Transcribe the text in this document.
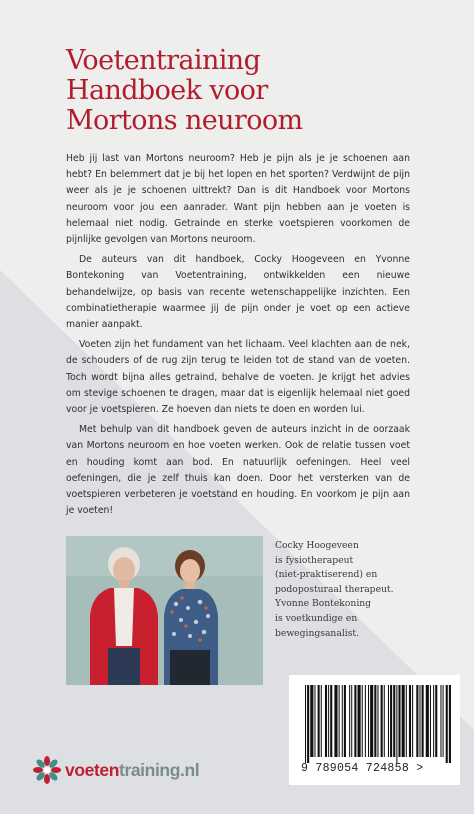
Voetentraining
Handboek voor
Mortons neuroom

Heb jij last van Mortons neuroom? Heb je pijn als je je schoenen aan hebt? En belemmert dat je bij het lopen en het sporten? Verdwijnt de pijn weer als je je schoenen uittrekt? Dan is dit Handboek voor Mortons neuroom voor jou een aanrader. Want pijn hebben aan je voeten is helemaal niet nodig. Getrainde en sterke voetspieren voorkomen de pijnlijke gevolgen van Mortons neuroom.

De auteurs van dit handboek, Cocky Hoogeveen en Yvonne Bontekoning van Voetentraining, ontwikkelden een nieuwe behandelwijze, op basis van recente wetenschappelijke inzichten. Een combinatietherapie waarmee jij de pijn onder je voet op een actieve manier aanpakt.

Voeten zijn het fundament van het lichaam. Veel klachten aan de nek, de schouders of de rug zijn terug te leiden tot de stand van de voeten. Toch wordt bijna alles getraind, behalve de voeten. Je krijgt het advies om stevige schoenen te dragen, maar dat is eigenlijk helemaal niet goed voor je voetspieren. Ze hoeven dan niets te doen en worden lui.

Met behulp van dit handboek geven de auteurs inzicht in de oorzaak van Mortons neuroom en hoe voeten werken. Ook de relatie tussen voet en houding komt aan bod. En natuurlijk oefeningen. Heel veel oefeningen, die je zelf thuis kan doen. Door het versterken van de voetspieren verbeteren je voetstand en houding. En voorkom je pijn aan je voeten!

Cocky Hoogeveen
is fysiotherapeut
(niet-praktiserend) en
podoposturaal therapeut.
Yvonne Bontekoning
is voetkundige en
bewegingsanalist.
voetentraining.nl	9 789054 724858 >
